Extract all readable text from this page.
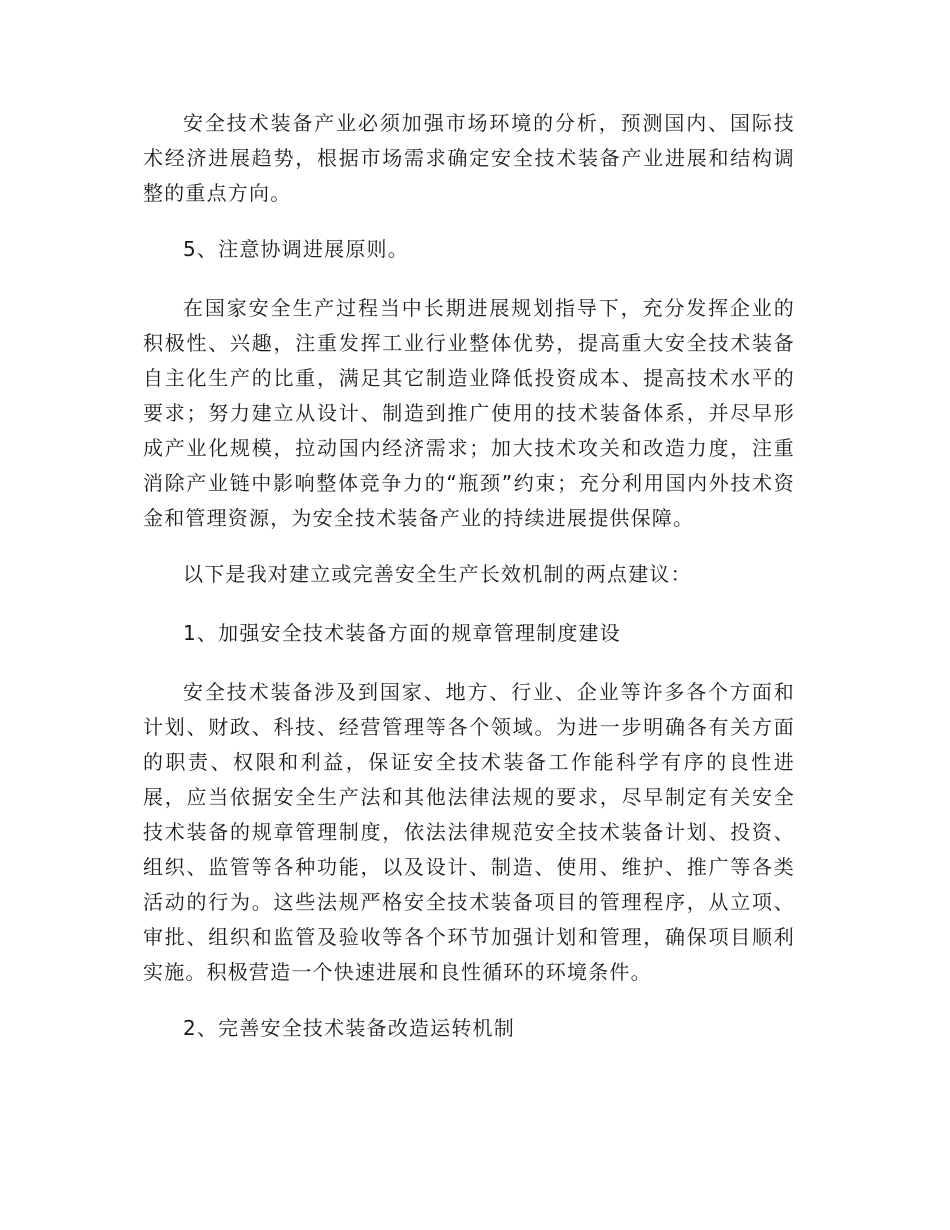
安全技术装备产业必须加强市场环境的分析，预测国内、国际技术经济进展趋势，根据市场需求确定安全技术装备产业进展和结构调整的重点方向。

5、注意协调进展原则。

在国家安全生产过程当中长期进展规划指导下，充分发挥企业的积极性、兴趣，注重发挥工业行业整体优势，提高重大安全技术装备自主化生产的比重，满足其它制造业降低投资成本、提高技术水平的要求；努力建立从设计、制造到推广使用的技术装备体系，并尽早形成产业化规模，拉动国内经济需求；加大技术攻关和改造力度，注重消除产业链中影响整体竞争力的“瓶颈”约束；充分利用国内外技术资金和管理资源，为安全技术装备产业的持续进展提供保障。

以下是我对建立或完善安全生产长效机制的两点建议：

1、加强安全技术装备方面的规章管理制度建设

安全技术装备涉及到国家、地方、行业、企业等许多各个方面和计划、财政、科技、经营管理等各个领域。为进一步明确各有关方面的职责、权限和利益，保证安全技术装备工作能科学有序的良性进展，应当依据安全生产法和其他法律法规的要求，尽早制定有关安全技术装备的规章管理制度，依法法律规范安全技术装备计划、投资、组织、监管等各种功能，以及设计、制造、使用、维护、推广等各类活动的行为。这些法规严格安全技术装备项目的管理程序，从立项、审批、组织和监管及验收等各个环节加强计划和管理，确保项目顺利实施。积极营造一个快速进展和良性循环的环境条件。

2、完善安全技术装备改造运转机制
